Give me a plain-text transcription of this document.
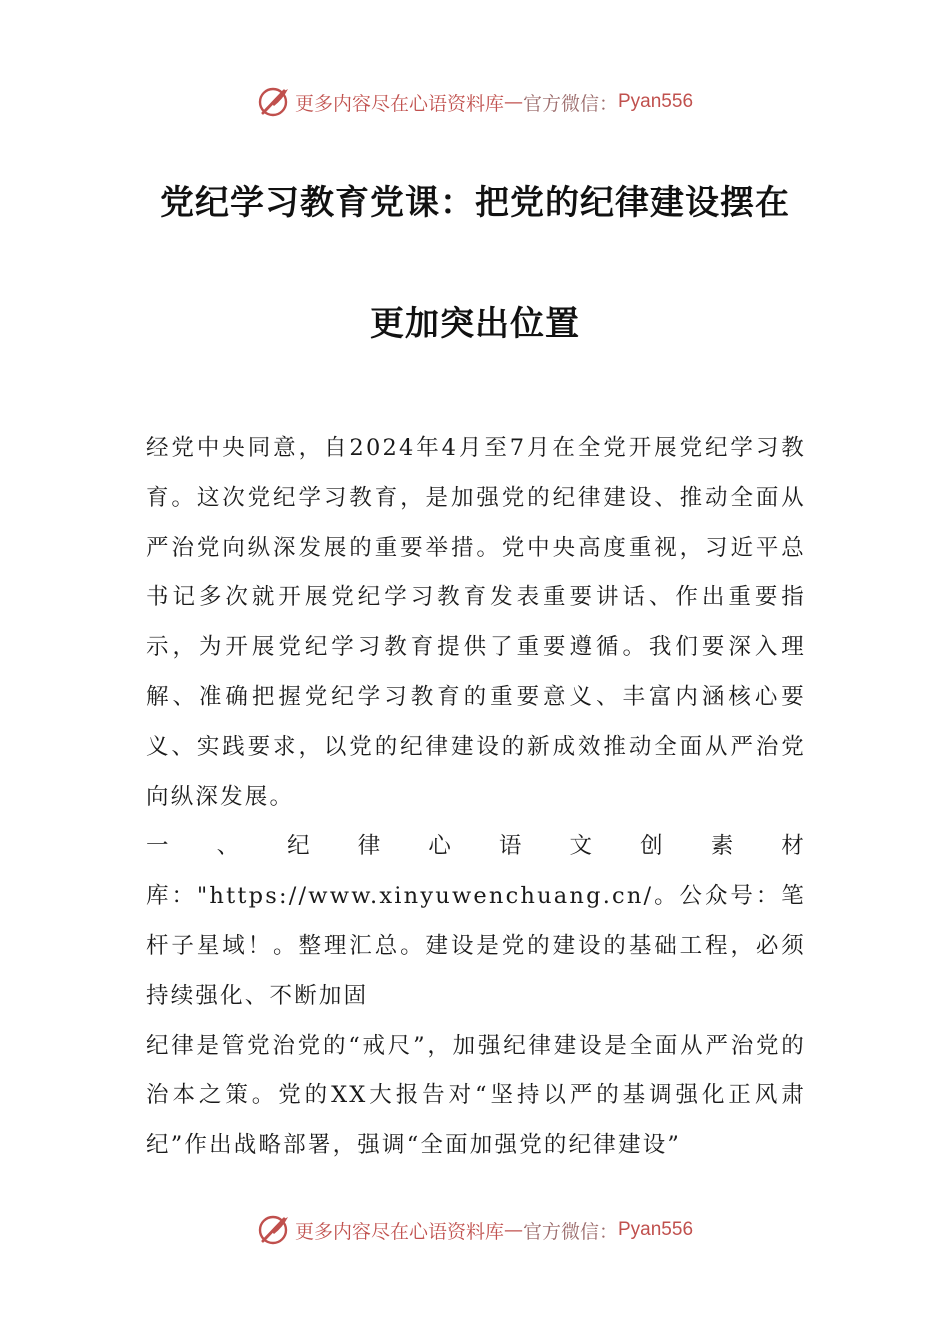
更多内容尽在心语资料库 — 官方微信： Pyan556
党纪学习教育党课：把党的纪律建设摆在
更加突出位置

经党中央同意，自2024年4月至7月在全党开展党纪学习教育。这次党纪学习教育，是加强党的纪律建设、推动全面从严治党向纵深发展的重要举措。党中央高度重视，习近平总书记多次就开展党纪学习教育发表重要讲话、作出重要指示，为开展党纪学习教育提供了重要遵循。我们要深入理解、准确把握党纪学习教育的重要意义、丰富内涵核心要义、实践要求，以党的纪律建设的新成效推动全面从严治党向纵深发展。

一、纪律心语文创素材库："https://www.xinyuwenchuang.cn/。公众号：笔杆子星域！。整理汇总。建设是党的建设的基础工程，必须持续强化、不断加固

纪律是管党治党的“戒尺”，加强纪律建设是全面从严治党的治本之策。党的XX大报告对“坚持以严的基调强化正风肃纪”作出战略部署，强调“全面加强党的纪律建设”

更多内容尽在心语资料库 — 官方微信： Pyan556
